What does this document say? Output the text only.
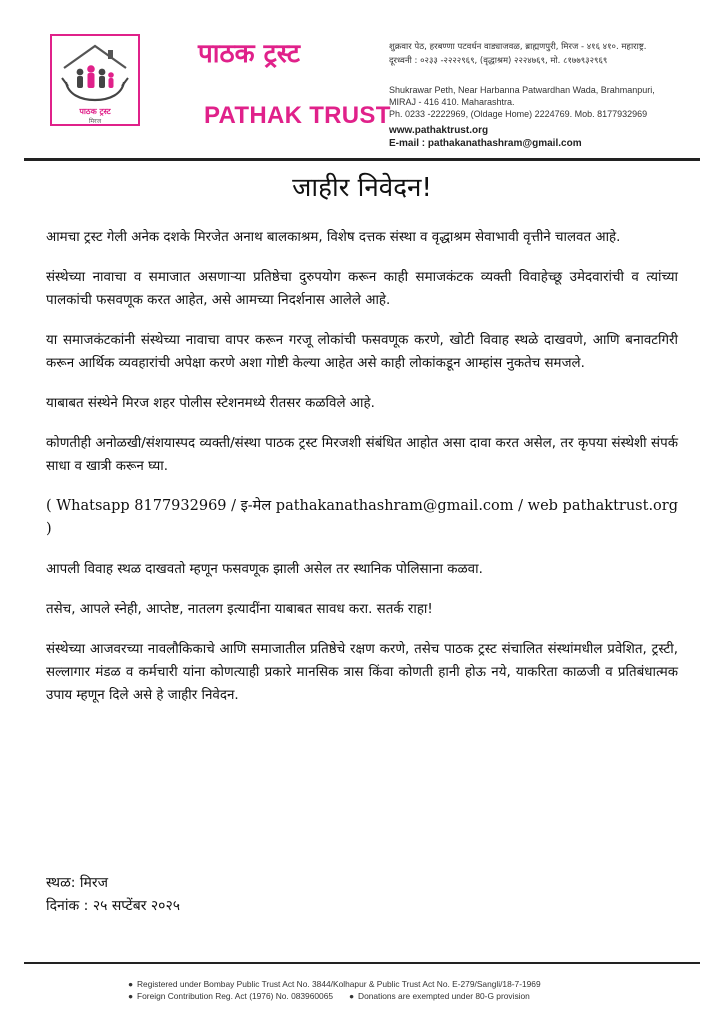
पाठक ट्रस्ट
मिरज
पाठक ट्रस्ट
PATHAK TRUST
शुक्रवार पेठ, हरबण्णा पटवर्धन वाड्याजवळ, ब्राह्मणपुरी, मिरज - ४१६ ४१०. महाराष्ट्र.
दूरध्वनी : ०२३३ -२२२२९६९, (वृद्धाश्रम) २२२४७६९, मो. ८१७७९३२९६९
Shukrawar Peth, Near Harbanna Patwardhan Wada, Brahmanpuri,
MIRAJ - 416 410. Maharashtra.
Ph. 0233 -2222969, (Oldage Home) 2224769. Mob. 8177932969
www.pathaktrust.org
E-mail : pathakanathashram@gmail.com
जाहीर निवेदन!

आमचा ट्रस्ट गेली अनेक दशके मिरजेत अनाथ बालकाश्रम, विशेष दत्तक संस्था व वृद्धाश्रम सेवाभावी वृत्तीने चालवत आहे.

संस्थेच्या नावाचा व समाजात असणाऱ्या प्रतिष्ठेचा दुरुपयोग करून काही समाजकंटक व्यक्ती विवाहेच्छू उमेदवारांची व त्यांच्या पालकांची फसवणूक करत आहेत, असे आमच्या निदर्शनास आलेले आहे.

या समाजकंटकांनी संस्थेच्या नावाचा वापर करून गरजू लोकांची फसवणूक करणे, खोटी विवाह स्थळे दाखवणे, आणि बनावटगिरी करून आर्थिक व्यवहारांची अपेक्षा करणे अशा गोष्टी केल्या आहेत असे काही लोकांकडून आम्हांस नुकतेच समजले.

याबाबत संस्थेने मिरज शहर पोलीस स्टेशनमध्ये रीतसर कळविले आहे.

कोणतीही अनोळखी/संशयास्पद व्यक्ती/संस्था पाठक ट्रस्ट मिरजशी संबंधित आहोत असा दावा करत असेल, तर कृपया संस्थेशी संपर्क साधा व खात्री करून घ्या.

( Whatsapp 8177932969 / इ-मेल pathakanathashram@gmail.com / web pathaktrust.org )

आपली विवाह स्थळ दाखवतो म्हणून फसवणूक झाली असेल तर स्थानिक पोलिसाना कळवा.

तसेच, आपले स्नेही, आप्तेष्ट, नातलग इत्यादींना याबाबत सावध करा. सतर्क राहा!

संस्थेच्या आजवरच्या नावलौकिकाचे आणि समाजातील प्रतिष्ठेचे रक्षण करणे, तसेच पाठक ट्रस्ट संचालित संस्थांमधील प्रवेशित, ट्रस्टी, सल्लागार मंडळ व कर्मचारी यांना कोणत्याही प्रकारे मानसिक त्रास किंवा कोणती हानी होऊ नये, याकरिता काळजी व प्रतिबंधात्मक उपाय म्हणून दिले असे हे जाहीर निवेदन.

स्थळ: मिरज
दिनांक : २५ सप्टेंबर २०२५
● Registered under Bombay Public Trust Act No. 3844/Kolhapur & Public Trust Act No. E-279/Sangli/18-7-1969
● Foreign Contribution Reg. Act (1976) No. 083960065 ● Donations are exempted under 80-G provision
